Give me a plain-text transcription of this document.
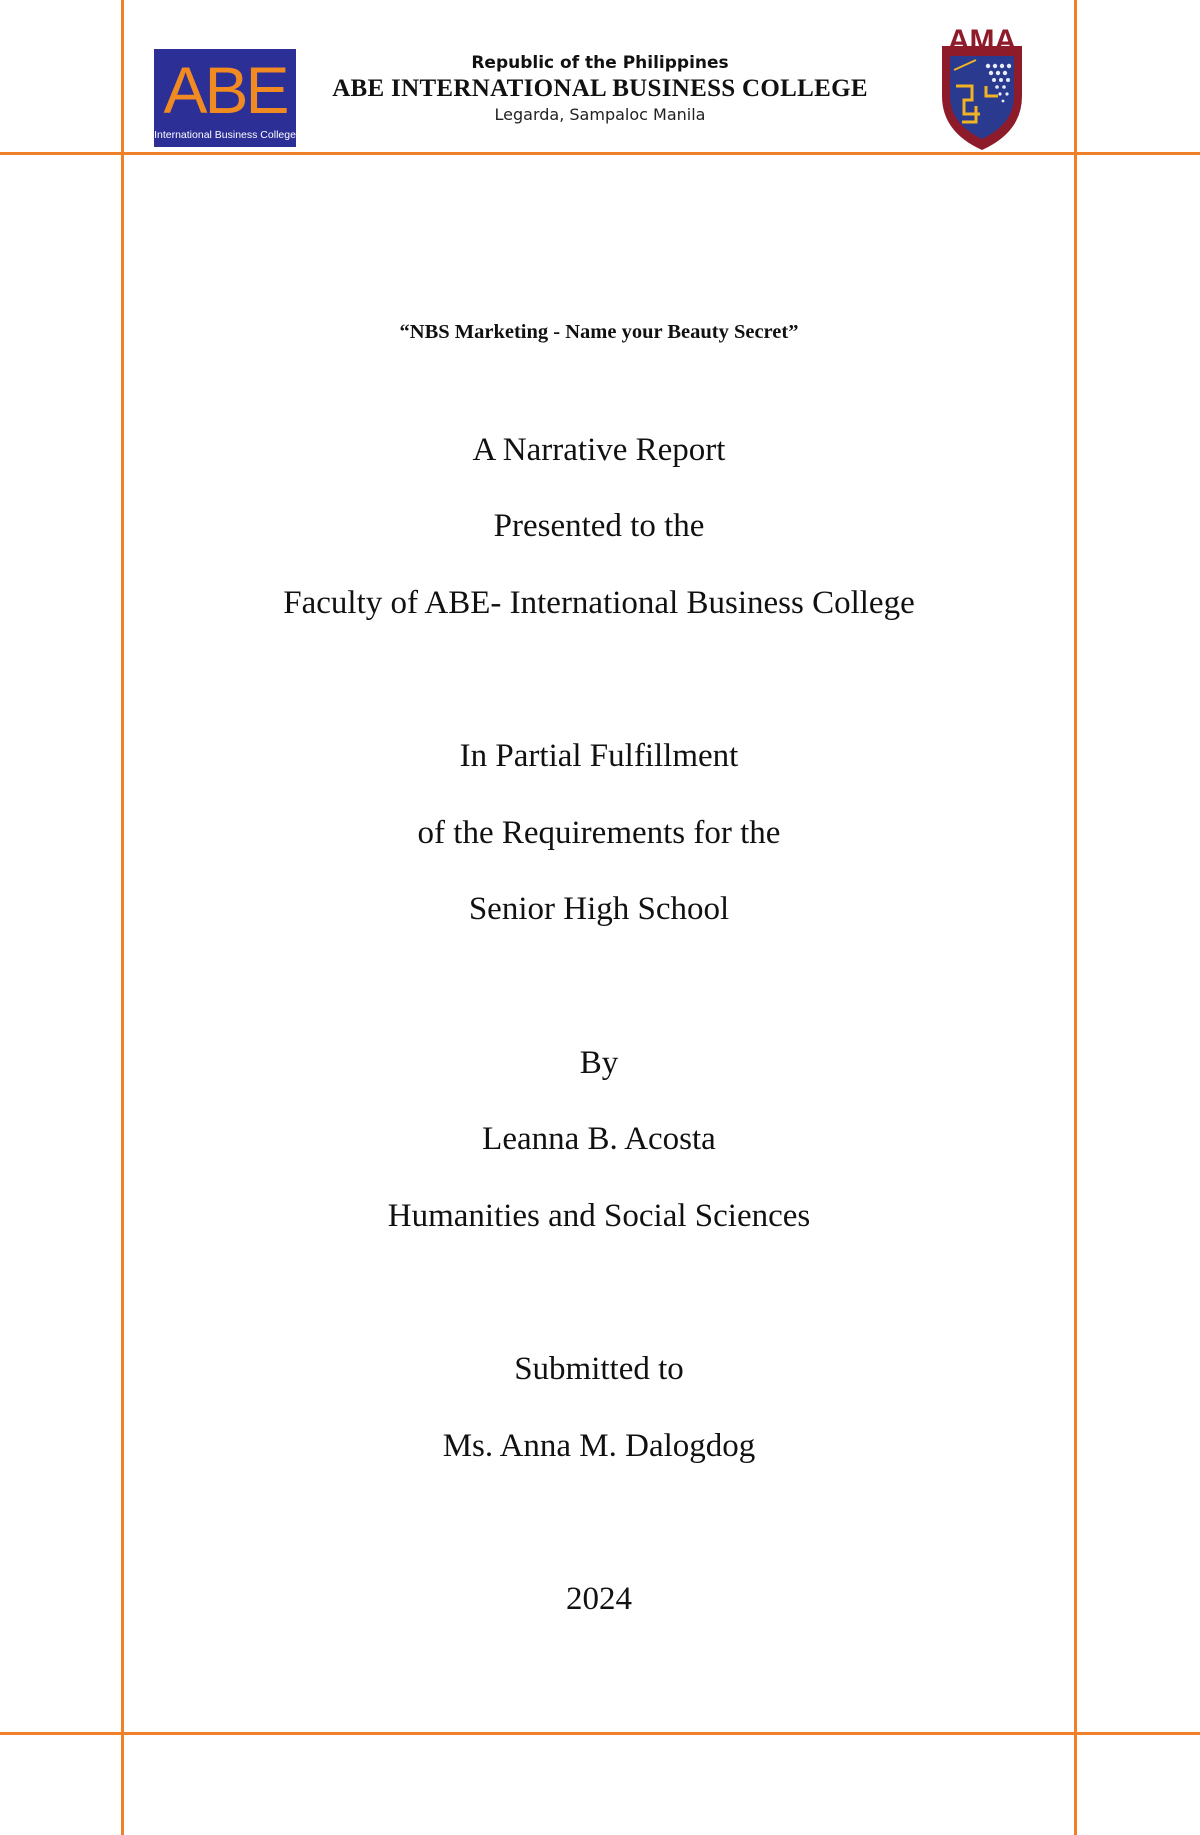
ABE
International Business College
Republic of the Philippines
ABE INTERNATIONAL BUSINESS COLLEGE
Legarda, Sampaloc Manila
AMA
“NBS Marketing - Name your Beauty Secret”
A Narrative Report
Presented to the
Faculty of ABE- International Business College
In Partial Fulfillment
of the Requirements for the
Senior High School
By
Leanna B. Acosta
Humanities and Social Sciences
Submitted to
Ms. Anna M. Dalogdog
2024
